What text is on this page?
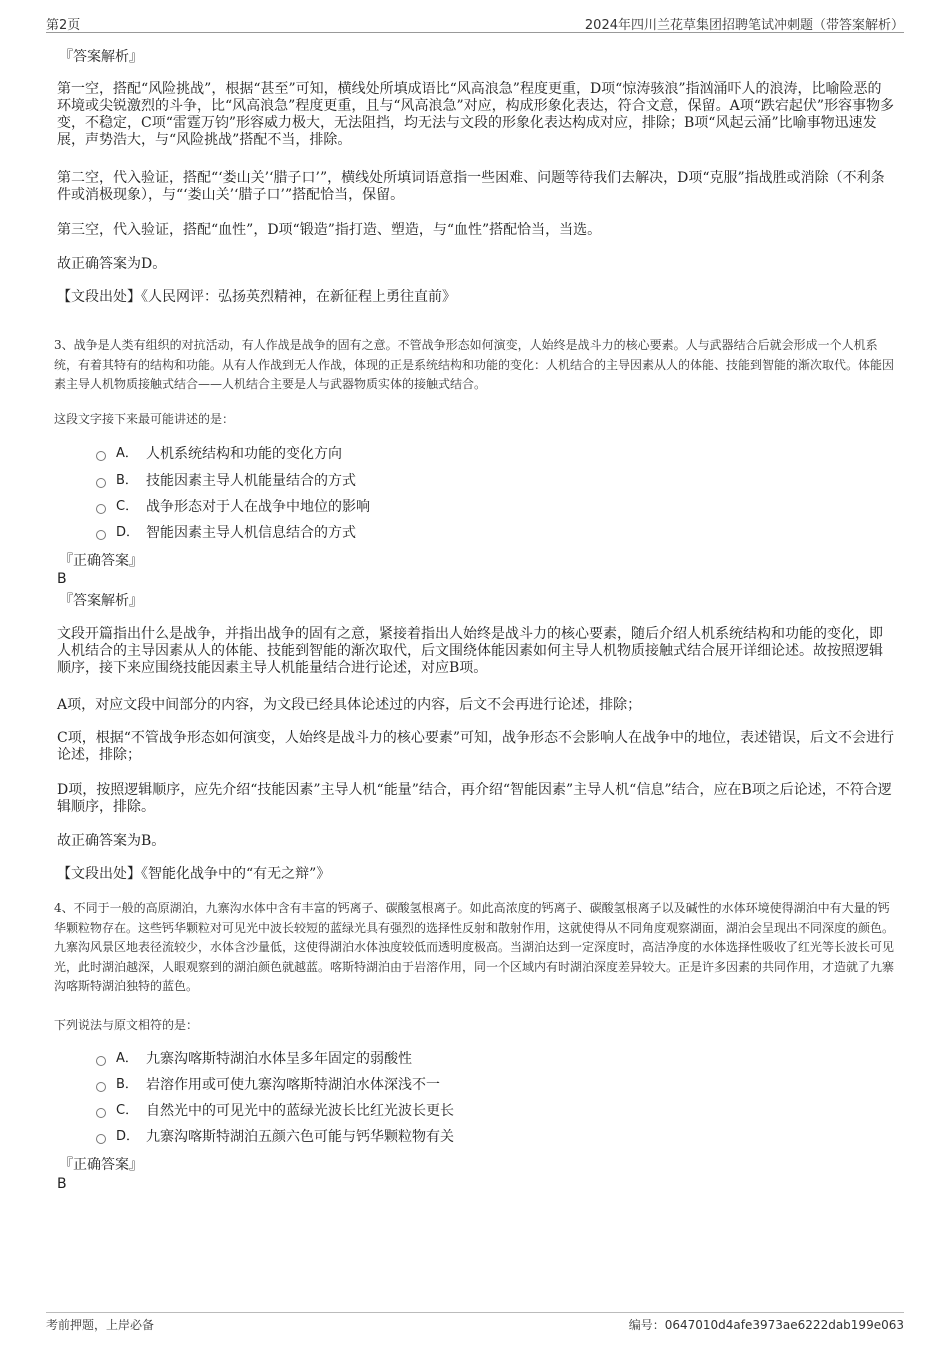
第2页	2024年四川兰花草集团招聘笔试冲刺题（带答案解析）

『答案解析』

第一空，搭配“风险挑战”，根据“甚至”可知，横线处所填成语比“风高浪急”程度更重，D项“惊涛骇浪”指汹涌吓人的浪涛，比喻险恶的环境或尖锐激烈的斗争，比“风高浪急”程度更重，且与“风高浪急”对应，构成形象化表达，符合文意，保留。A项“跌宕起伏”形容事物多变，不稳定，C项“雷霆万钧”形容威力极大，无法阻挡，均无法与文段的形象化表达构成对应，排除；B项“风起云涌”比喻事物迅速发展，声势浩大，与“风险挑战”搭配不当，排除。

第二空，代入验证，搭配“‘娄山关’‘腊子口’”，横线处所填词语意指一些困难、问题等待我们去解决，D项“克服”指战胜或消除（不利条件或消极现象），与“‘娄山关’‘腊子口’”搭配恰当，保留。

第三空，代入验证，搭配“血性”，D项“锻造”指打造、塑造，与“血性”搭配恰当，当选。

故正确答案为D。

【文段出处】《人民网评：弘扬英烈精神，在新征程上勇往直前》

3、战争是人类有组织的对抗活动，有人作战是战争的固有之意。不管战争形态如何演变，人始终是战斗力的核心要素。人与武器结合后就会形成一个人机系统，有着其特有的结构和功能。从有人作战到无人作战，体现的正是系统结构和功能的变化：人机结合的主导因素从人的体能、技能到智能的渐次取代。体能因素主导人机物质接触式结合——人机结合主要是人与武器物质实体的接触式结合。

这段文字接下来最可能讲述的是：

A． 人机系统结构和功能的变化方向
B． 技能因素主导人机能量结合的方式
C． 战争形态对于人在战争中地位的影响
D． 智能因素主导人机信息结合的方式

『正确答案』

B

『答案解析』

文段开篇指出什么是战争，并指出战争的固有之意，紧接着指出人始终是战斗力的核心要素，随后介绍人机系统结构和功能的变化，即人机结合的主导因素从人的体能、技能到智能的渐次取代，后文围绕体能因素如何主导人机物质接触式结合展开详细论述。故按照逻辑顺序，接下来应围绕技能因素主导人机能量结合进行论述，对应B项。

A项，对应文段中间部分的内容，为文段已经具体论述过的内容，后文不会再进行论述，排除；

C项，根据“不管战争形态如何演变，人始终是战斗力的核心要素”可知，战争形态不会影响人在战争中的地位，表述错误，后文不会进行论述，排除；

D项，按照逻辑顺序，应先介绍“技能因素”主导人机“能量”结合，再介绍“智能因素”主导人机“信息”结合，应在B项之后论述，不符合逻辑顺序，排除。

故正确答案为B。

【文段出处】《智能化战争中的“有无之辩”》

4、不同于一般的高原湖泊，九寨沟水体中含有丰富的钙离子、碳酸氢根离子。如此高浓度的钙离子、碳酸氢根离子以及碱性的水体环境使得湖泊中有大量的钙华颗粒物存在。这些钙华颗粒对可见光中波长较短的蓝绿光具有强烈的选择性反射和散射作用，这就使得从不同角度观察湖面，湖泊会呈现出不同深度的颜色。九寨沟风景区地表径流较少，水体含沙量低，这使得湖泊水体浊度较低而透明度极高。当湖泊达到一定深度时，高洁净度的水体选择性吸收了红光等长波长可见光，此时湖泊越深，人眼观察到的湖泊颜色就越蓝。喀斯特湖泊由于岩溶作用，同一个区域内有时湖泊深度差异较大。正是许多因素的共同作用，才造就了九寨沟喀斯特湖泊独特的蓝色。

下列说法与原文相符的是：

A． 九寨沟喀斯特湖泊水体呈多年固定的弱酸性
B． 岩溶作用或可使九寨沟喀斯特湖泊水体深浅不一
C． 自然光中的可见光中的蓝绿光波长比红光波长更长
D． 九寨沟喀斯特湖泊五颜六色可能与钙华颗粒物有关

『正确答案』

B

考前押题，上岸必备	编号：0647010d4afe3973ae6222dab199e063
